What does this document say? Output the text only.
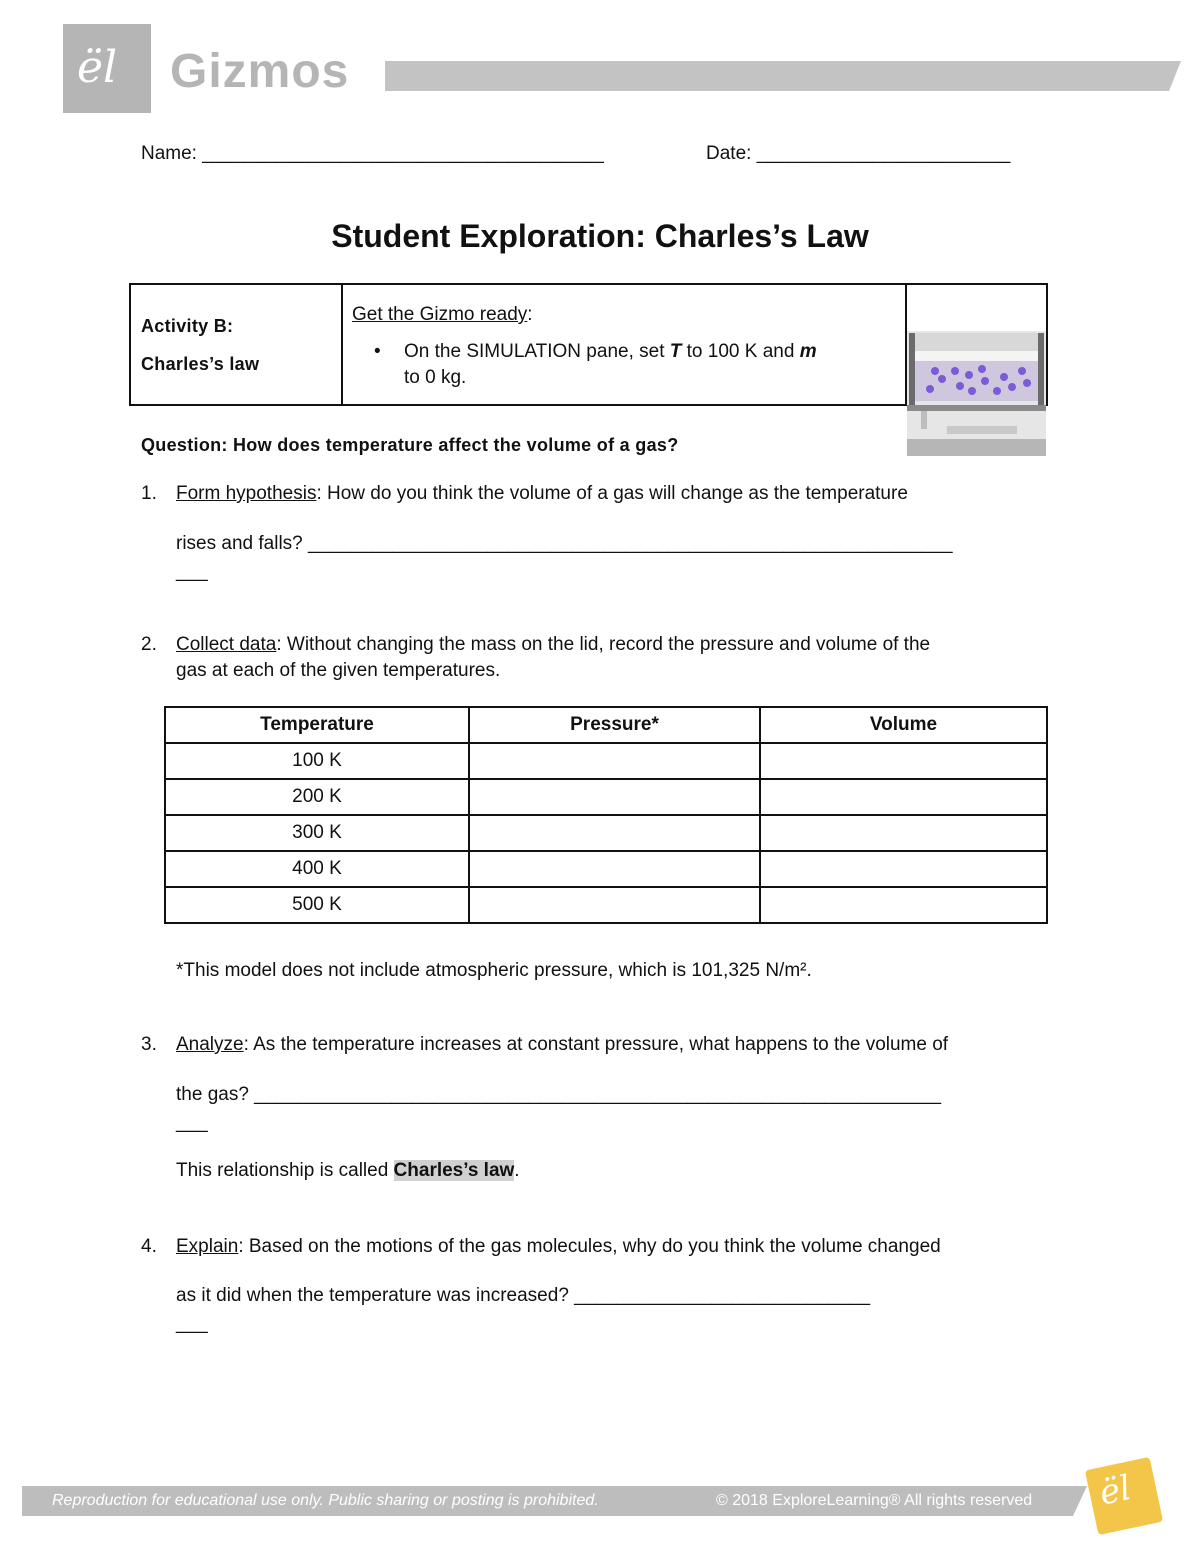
ël Gizmos
Name: ______________________________________	Date: ________________________
Student Exploration: Charles’s Law
Activity B:
Charles’s law
Get the Gizmo ready:
• On the SIMULATION pane, set T to 100 K and m
to 0 kg.
Question: How does temperature affect the volume of a gas?
1. Form hypothesis: How do you think the volume of a gas will change as the temperature
rises and falls? _____________________________________________________________
___
2. Collect data: Without changing the mass on the lid, record the pressure and volume of the
gas at each of the given temperatures.
Temperature	Pressure*	Volume
100 K		
200 K		
300 K		
400 K		
500 K		
*This model does not include atmospheric pressure, which is 101,325 N/m².
3. Analyze: As the temperature increases at constant pressure, what happens to the volume of
the gas? _________________________________________________________________
___
This relationship is called Charles’s law.
4. Explain: Based on the motions of the gas molecules, why do you think the volume changed
as it did when the temperature was increased? ____________________________
___
Reproduction for educational use only. Public sharing or posting is prohibited.	© 2018 ExploreLearning® All rights reserved ël
